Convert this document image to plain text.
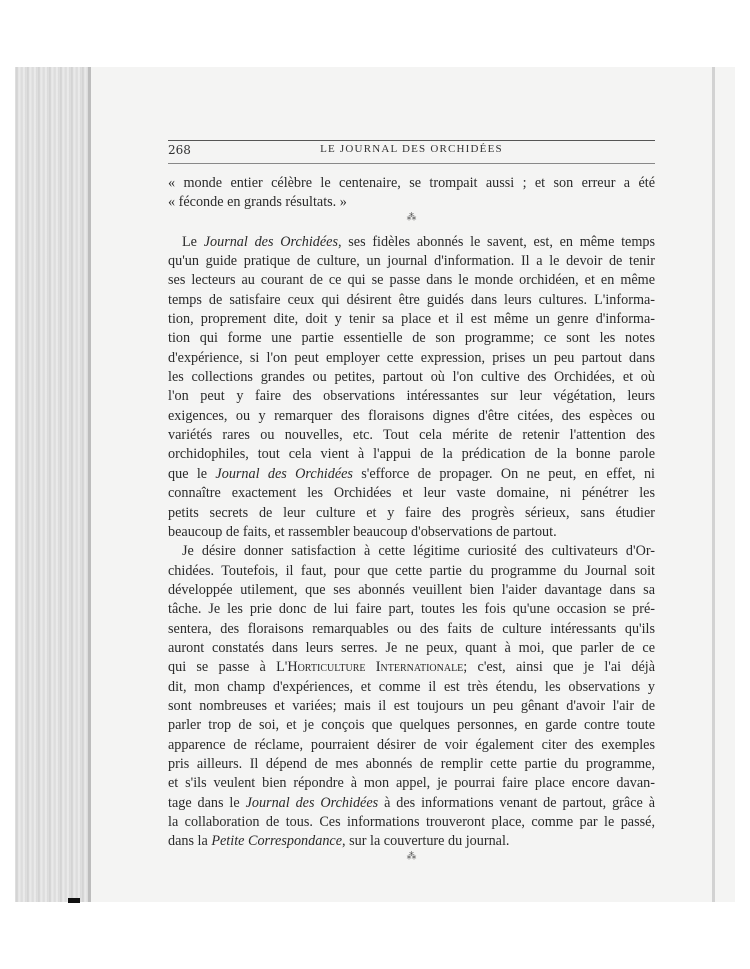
268	LE JOURNAL DES ORCHIDÉES
« monde entier célèbre le centenaire, se trompait aussi ; et son erreur a été
« féconde en grands résultats. »
⁂
Le Journal des Orchidées, ses fidèles abonnés le savent, est, en même temps
qu'un guide pratique de culture, un journal d'information. Il a le devoir de tenir
ses lecteurs au courant de ce qui se passe dans le monde orchidéen, et en même
temps de satisfaire ceux qui désirent être guidés dans leurs cultures. L'informa-
tion, proprement dite, doit y tenir sa place et il est même un genre d'informa-
tion qui forme une partie essentielle de son programme; ce sont les notes
d'expérience, si l'on peut employer cette expression, prises un peu partout dans
les collections grandes ou petites, partout où l'on cultive des Orchidées, et où
l'on peut y faire des observations intéressantes sur leur végétation, leurs
exigences, ou y remarquer des floraisons dignes d'être citées, des espèces ou
variétés rares ou nouvelles, etc. Tout cela mérite de retenir l'attention des
orchidophiles, tout cela vient à l'appui de la prédication de la bonne parole
que le Journal des Orchidées s'efforce de propager. On ne peut, en effet, ni
connaître exactement les Orchidées et leur vaste domaine, ni pénétrer les
petits secrets de leur culture et y faire des progrès sérieux, sans étudier
beaucoup de faits, et rassembler beaucoup d'observations de partout.
Je désire donner satisfaction à cette légitime curiosité des cultivateurs d'Or-
chidées. Toutefois, il faut, pour que cette partie du programme du Journal soit
développée utilement, que ses abonnés veuillent bien l'aider davantage dans sa
tâche. Je les prie donc de lui faire part, toutes les fois qu'une occasion se pré-
sentera, des floraisons remarquables ou des faits de culture intéressants qu'ils
auront constatés dans leurs serres. Je ne peux, quant à moi, que parler de ce
qui se passe à L'Horticulture Internationale; c'est, ainsi que je l'ai déjà
dit, mon champ d'expériences, et comme il est très étendu, les observations y
sont nombreuses et variées; mais il est toujours un peu gênant d'avoir l'air de
parler trop de soi, et je conçois que quelques personnes, en garde contre toute
apparence de réclame, pourraient désirer de voir également citer des exemples
pris ailleurs. Il dépend de mes abonnés de remplir cette partie du programme,
et s'ils veulent bien répondre à mon appel, je pourrai faire place encore davan-
tage dans le Journal des Orchidées à des informations venant de partout, grâce à
la collaboration de tous. Ces informations trouveront place, comme par le passé,
dans la Petite Correspondance, sur la couverture du journal.
⁂
